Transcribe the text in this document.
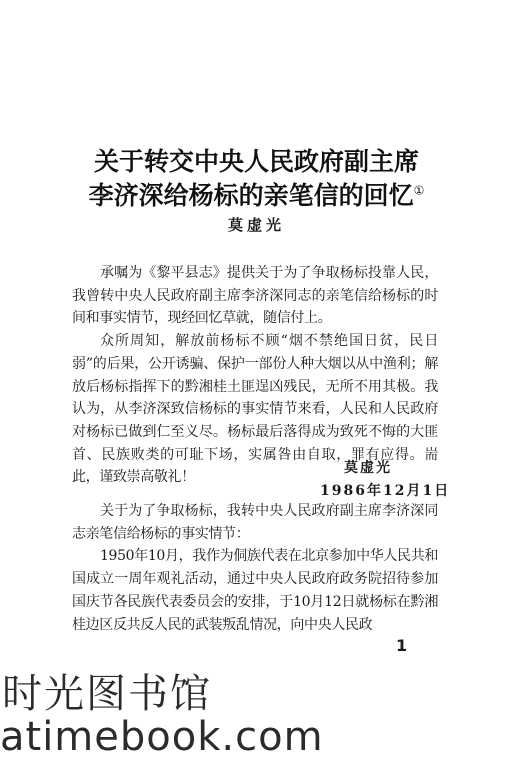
关于转交中央人民政府副主席
李济深给杨标的亲笔信的回忆①
莫虚光

承嘱为《黎平县志》提供关于为了争取杨标投靠人民，我曾转中央人民政府副主席李济深同志的亲笔信给杨标的时间和事实情节，现经回忆草就，随信付上。

众所周知，解放前杨标不顾“烟不禁绝国日贫，民日弱”的后果，公开诱骗、保护一部份人种大烟以从中渔利；解放后杨标指挥下的黔湘桂土匪逞凶残民，无所不用其极。我认为，从李济深致信杨标的事实情节来看，人民和人民政府对杨标已做到仁至义尽。杨标最后落得成为致死不悔的大匪首、民族败类的可耻下场，实属咎由自取，罪有应得。耑此，谨致崇高敬礼！

莫虚光
1986年12月1日

关于为了争取杨标，我转中央人民政府副主席李济深同志亲笔信给杨标的事实情节：

1950年10月，我作为侗族代表在北京参加中华人民共和国成立一周年观礼活动，通过中央人民政府政务院招待参加国庆节各民族代表委员会的安排，于10月12日就杨标在黔湘桂边区反共反人民的武装叛乱情况，向中央人民政

1
时光图书馆
atimebook.com
